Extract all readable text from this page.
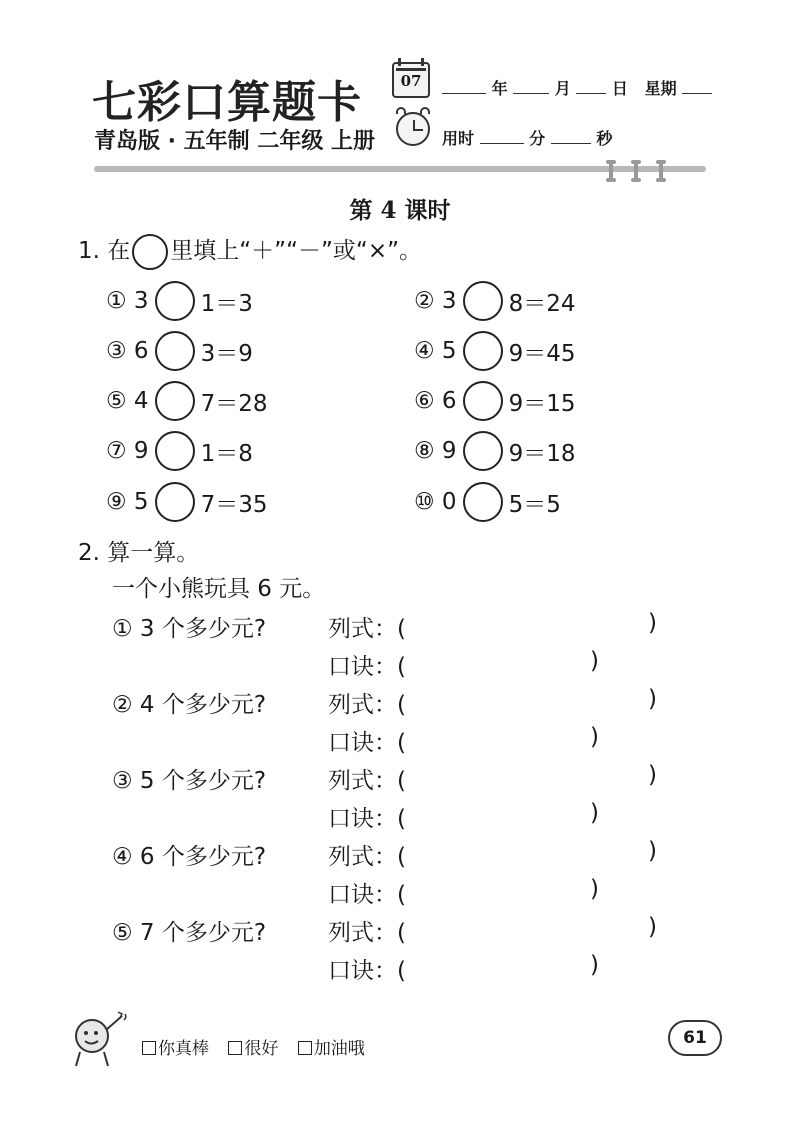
七彩口算题卡
青岛版 · 五年制 二年级 上册
07	年	月	日 星期
用时	分	秒
第 4 课时
1. 在 里填上“＋”“－”或“×”。
① 3 1＝3	② 3 8＝24
③ 6 3＝9	④ 5 9＝45
⑤ 4 7＝28	⑥ 6 9＝15
⑦ 9 1＝8	⑧ 9 9＝18
⑨ 5 7＝35	⑩ 0 5＝5
2. 算一算。
一个小熊玩具 6 元。
① 3 个多少元?	列式：(	)
口诀：(	)
② 4 个多少元?	列式：(	)
口诀：(	)
③ 5 个多少元?	列式：(	)
口诀：(	)
④ 6 个多少元?	列式：(	)
口诀：(	)
⑤ 7 个多少元?	列式：(	)
口诀：(	)
你真棒 很好 加油哦
61
